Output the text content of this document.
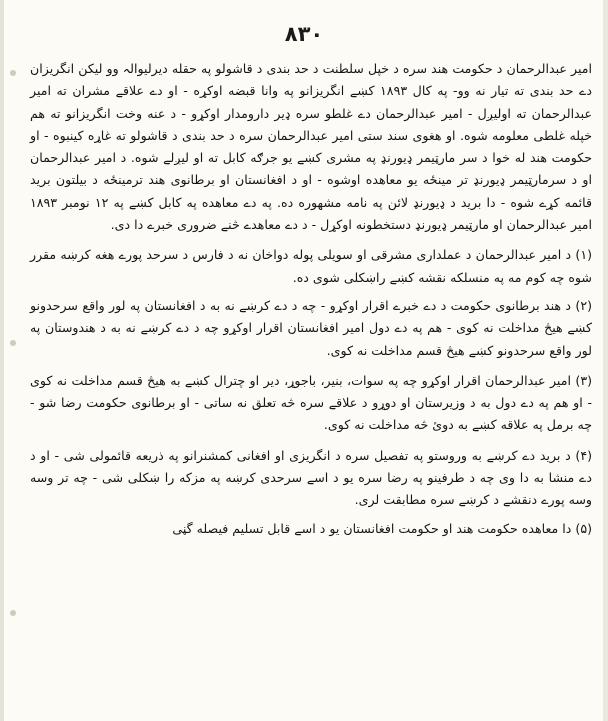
۸۳۰

امیر عبدالرحمان د حکومت هند سره د خپل سلطنت د حد بندی د قاشولو په حقله دیرلیوالہ وو لیکن انگریزان دے حد بندی ته تیار نه وو- په کال ۱۸۹۳ کښے انگریزانو په وانا قبضه اوکړه - او دے علاقے مشران ته امیر عبدالرحمان ته اوليږل - امیر عبدالرحمان دے غلطو سره ډیر دارومدار اوکړو - د عنه وخت انگریزانو ته هم خپله غلطی معلومه شوه. او هغوی سند ستی امیر عبدالرحمان سره د حد بندی د قاشولو ته غاړه کینبوه - او حکومت هند له خوا د سر مارټیمر ډیورنډ په مشری کښے یو جرګه کابل ته او ليږلے شوه. د امیر عبدالرحمان او د سرمارټیمر ډیورنډ تر مینځه یو معاهده اوشوه - او د افغانستان او برطانوی هند ترمینځه د بیلتون برید قائمه کړے شوه - دا برید د ډیورنډ لائن په نامه مشهوره ده. په دے معاهده په کابل کښے په ۱۲ نومبر ۱۸۹۳ امیر عبدالرحمان او مارټیمر ډیورنډ دستخطونه اوکړل - د دے معاهدے څنے ضروری خبرے دا دی.

(۱) د امیر عبدالرحمان د عملداری مشرقی او سویلی پوله دواخان نه د فارس د سرحد پورے هغه کرښه مقرر شوه چه کوم مه په منسلکه نقشه کښے راښکلی شوی ده.

(۲) د هند برطانوی حکومت د دے خبرے اقرار اوکړو - چه د دے کرښے نه به د افغانستان په لور واقع سرحدونو کښے هیڅ مداخلت نه کوی - هم په دے دول امیر افغانستان اقرار اوکړو چه د دے کرښے نه به د هندوستان په لور واقع سرحدونو کښے هیڅ قسم مداخلت نه کوی.

(۳) امیر عبدالرحمان اقرار اوکړو چه په سوات، بنیر، باجوړ، دیر او چترال کښے به هیڅ قسم مداخلت نه کوی - او هم په دے دول به د وزیرستان او دوړو د علاقے سره څه تعلق نه ساتی - او برطانوی حکومت رضا شو - چه برمل په علاقه کښے به دوئ څه مداخلت نه کوی.

(۴) د برید دے کرښے به وروستو په تفصیل سره د انگریزی او افغانی کمشنرانو په ذریعه قائمولی شی - او د دے منشا به دا وی چه د طرفینو په رضا سره یو د اسے سرحدی کرښه په مزکه را ښکلی شی - چه تر وسه وسه پورے دنقشے د کرښے سره مطابقت لری.

(۵) دا معاهده حکومت هند او حکومت افغانستان یو د اسے قابل تسلیم فیصله گڼی
